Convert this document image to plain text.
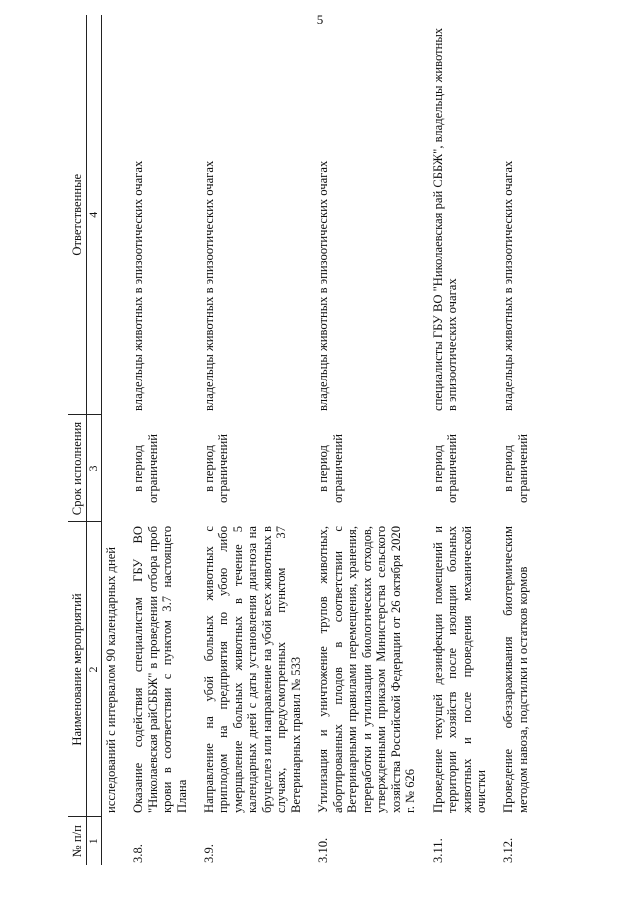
5
№ п/п	Наименование мероприятий	Срок исполнения	Ответственные
1	2	3	4
	исследований с интервалом 90 календарных дней		
3.8.	Оказание содействия специалистам ГБУ ВО "Николаевская райСББЖ" в проведении отбора проб крови в соответствии с пунктом 3.7 настоящего Плана	в период ограничений	владельцы животных в эпизоотических очагах
3.9.	Направление на убой больных животных с приплодом на предприятия по убою либо умерщвление больных животных в течение 5 календарных дней с даты установления диагноза на бруцеллез или направление на убой всех животных в случаях, предусмотренных пунктом 37 Ветеринарных правил № 533	в период ограничений	владельцы животных в эпизоотических очагах
3.10.	Утилизация и уничтожение трупов животных, абортированных плодов в соответствии с Ветеринарными правилами перемещения, хранения, переработки и утилизации биологических отходов, утвержденными приказом Министерства сельского хозяйства Российской Федерации от 26 октября 2020 г. № 626	в период ограничений	владельцы животных в эпизоотических очагах
3.11.	Проведение текущей дезинфекции помещений и территории хозяйств после изоляции больных животных и после проведения механической очистки	в период ограничений	специалисты ГБУ ВО "Николаевская рай СББЖ", владельцы животных в эпизоотических очагах
3.12.	Проведение обеззараживания биотермическим методом навоза, подстилки и остатков кормов	в период ограничений	владельцы животных в эпизоотических очагах
